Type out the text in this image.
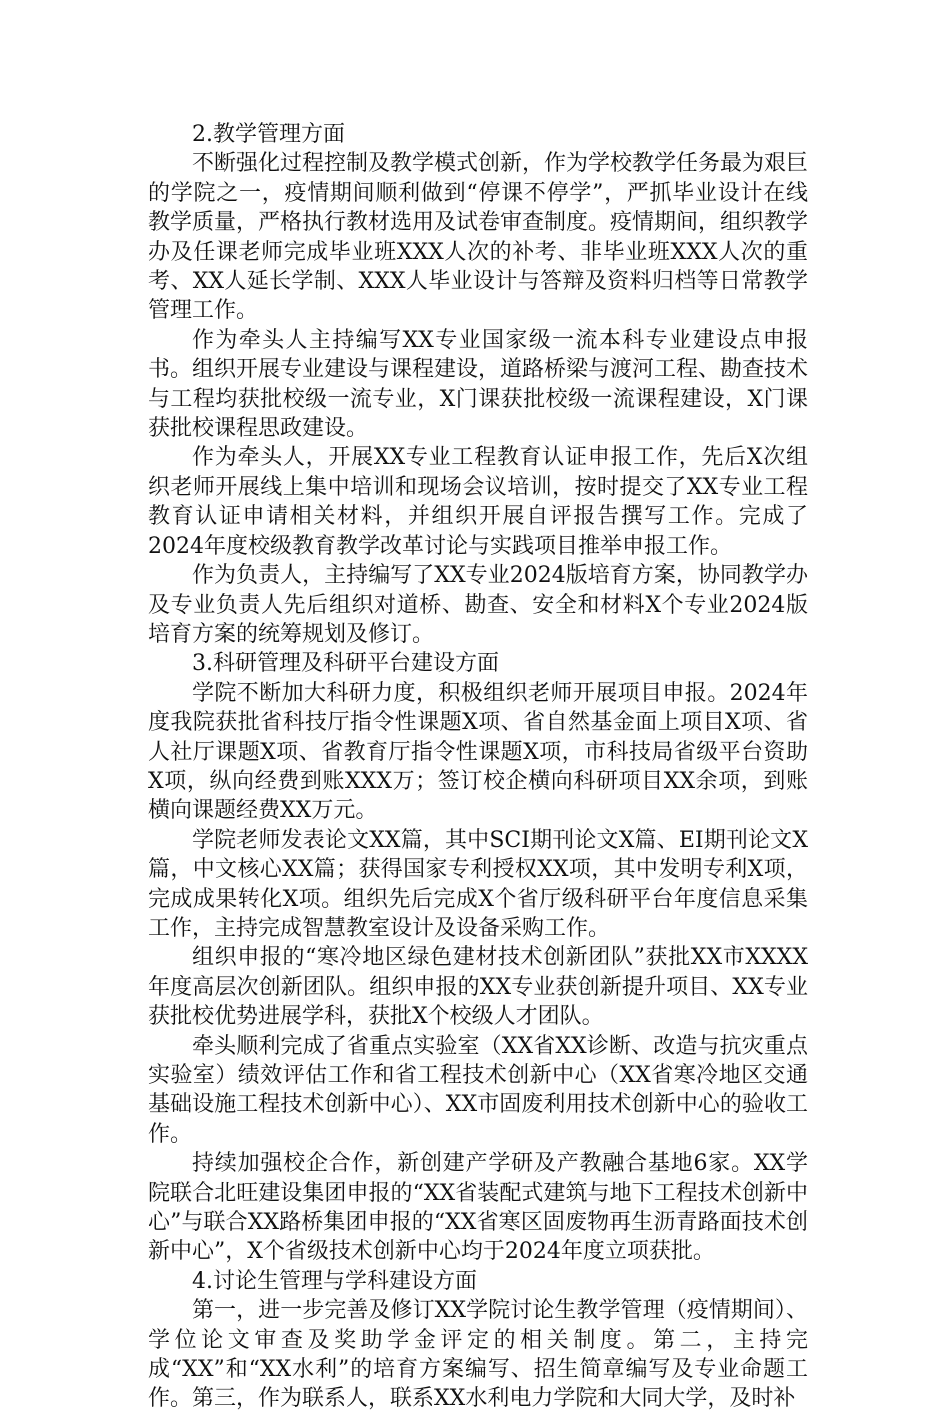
2.教学管理方面

不断强化过程控制及教学模式创新，作为学校教学任务最为艰巨的学院之一，疫情期间顺利做到“停课不停学”，严抓毕业设计在线教学质量，严格执行教材选用及试卷审查制度。疫情期间，组织教学办及任课老师完成毕业班XXX人次的补考、非毕业班XXX人次的重考、XX人延长学制、XXX人毕业设计与答辩及资料归档等日常教学管理工作。

作为牵头人主持编写XX专业国家级一流本科专业建设点申报书。组织开展专业建设与课程建设，道路桥梁与渡河工程、勘查技术与工程均获批校级一流专业，X门课获批校级一流课程建设，X门课获批校课程思政建设。

作为牵头人，开展XX专业工程教育认证申报工作，先后X次组织老师开展线上集中培训和现场会议培训，按时提交了XX专业工程教育认证申请相关材料，并组织开展自评报告撰写工作。完成了2024年度校级教育教学改革讨论与实践项目推举申报工作。

作为负责人，主持编写了XX专业2024版培育方案，协同教学办及专业负责人先后组织对道桥、勘查、安全和材料X个专业2024版培育方案的统筹规划及修订。

3.科研管理及科研平台建设方面

学院不断加大科研力度，积极组织老师开展项目申报。2024年度我院获批省科技厅指令性课题X项、省自然基金面上项目X项、省人社厅课题X项、省教育厅指令性课题X项，市科技局省级平台资助X项，纵向经费到账XXX万；签订校企横向科研项目XX余项，到账横向课题经费XX万元。

学院老师发表论文XX篇，其中SCI期刊论文X篇、EI期刊论文X篇，中文核心XX篇；获得国家专利授权XX项，其中发明专利X项，完成成果转化X项。组织先后完成X个省厅级科研平台年度信息采集工作，主持完成智慧教室设计及设备采购工作。

组织申报的“寒冷地区绿色建材技术创新团队”获批XX市XXXX年度高层次创新团队。组织申报的XX专业获创新提升项目、XX专业获批校优势进展学科，获批X个校级人才团队。

牵头顺利完成了省重点实验室（XX省XX诊断、改造与抗灾重点实验室）绩效评估工作和省工程技术创新中心（XX省寒冷地区交通基础设施工程技术创新中心）、XX市固废利用技术创新中心的验收工作。

持续加强校企合作，新创建产学研及产教融合基地6家。XX学院联合北旺建设集团申报的“XX省装配式建筑与地下工程技术创新中心”与联合XX路桥集团申报的“XX省寒区固废物再生沥青路面技术创新中心”，X个省级技术创新中心均于2024年度立项获批。

4.讨论生管理与学科建设方面

第一，进一步完善及修订XX学院讨论生教学管理（疫情期间）、学位论文审查及奖助学金评定的相关制度。第二，主持完成“XX”和“XX水利”的培育方案编写、招生简章编写及专业命题工作。第三，作为联系人，联系XX水利电力学院和大同大学，及时补
